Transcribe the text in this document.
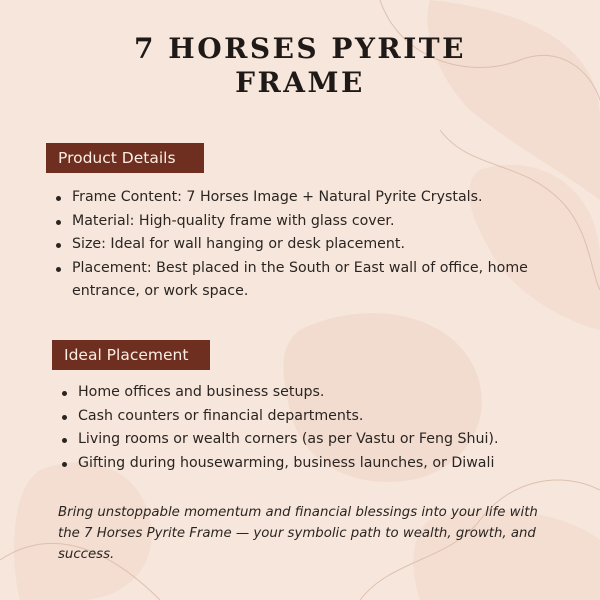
7 HORSES PYRITE
FRAME
Product Details
Frame Content: 7 Horses Image + Natural Pyrite Crystals.
Material: High-quality frame with glass cover.
Size: Ideal for wall hanging or desk placement.
Placement: Best placed in the South or East wall of office, home entrance, or work space.
Ideal Placement
Home offices and business setups.
Cash counters or financial departments.
Living rooms or wealth corners (as per Vastu or Feng Shui).
Gifting during housewarming, business launches, or Diwali
Bring unstoppable momentum and financial blessings into your life with the 7 Horses Pyrite Frame — your symbolic path to wealth, growth, and success.
